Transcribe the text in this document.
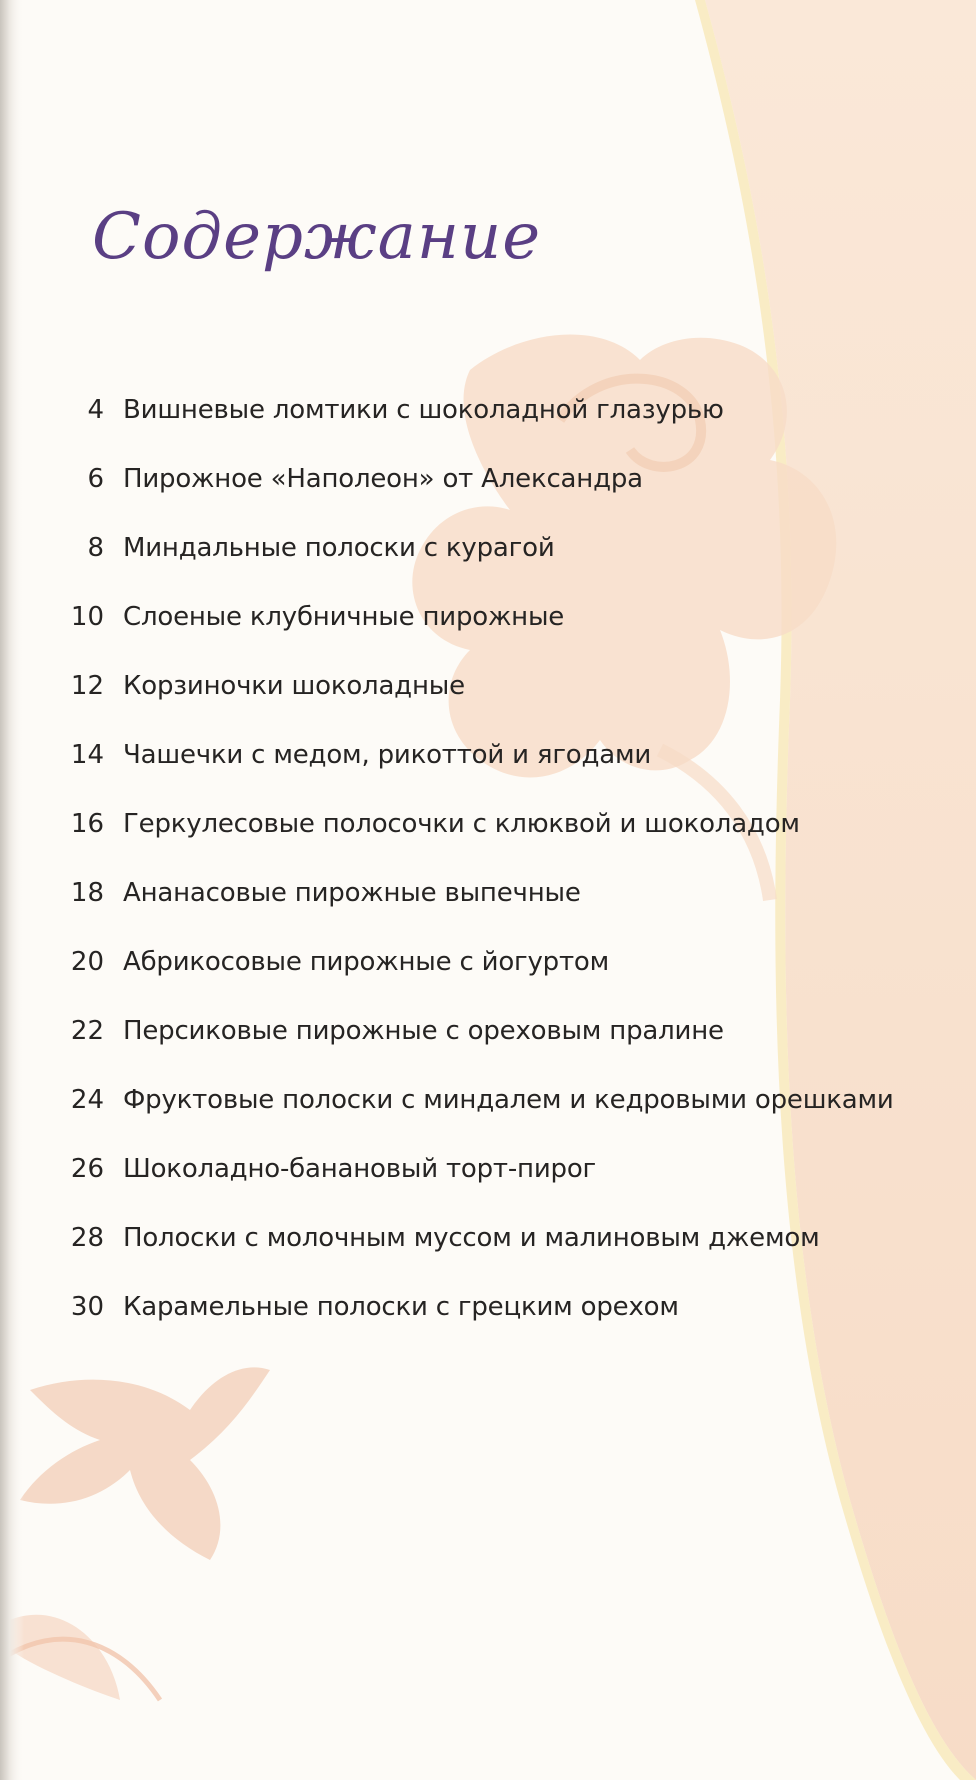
Содержание
4 Вишневые ломтики с шоколадной глазурью
6 Пирожное «Наполеон» от Александра
8 Миндальные полоски с курагой
10 Слоеные клубничные пирожные
12 Корзиночки шоколадные
14 Чашечки с медом, рикоттой и ягодами
16 Геркулесовые полосочки с клюквой и шоколадом
18 Ананасовые пирожные выпечные
20 Абрикосовые пирожные с йогуртом
22 Персиковые пирожные с ореховым пралине
24 Фруктовые полоски с миндалем и кедровыми орешками
26 Шоколадно-банановый торт-пирог
28 Полоски с молочным муссом и малиновым джемом
30 Карамельные полоски с грецким орехом
